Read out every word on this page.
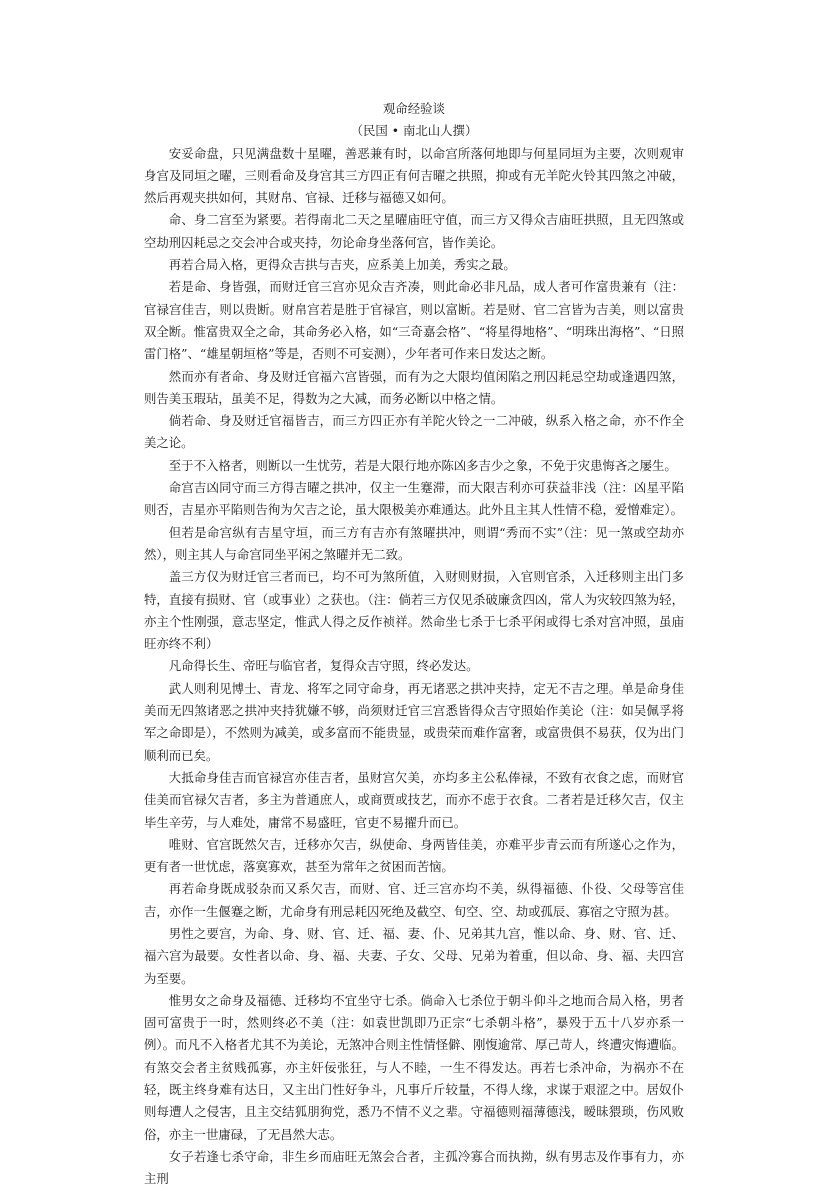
观命经验谈

（民国 • 南北山人撰）

安妥命盘，只见满盘数十星曜，善恶兼有时，以命宫所落何地即与何星同垣为主要，次则观审身宫及同垣之曜，三则看命及身宫其三方四正有何吉曜之拱照，抑或有无羊陀火铃其四煞之冲破，然后再观夹拱如何，其财帛、官禄、迁移与福德又如何。

命、身二宫至为紧要。若得南北二天之星曜庙旺守值，而三方又得众吉庙旺拱照，且无四煞或空劫刑囚耗忌之交会冲合或夹持，勿论命身坐落何宫，皆作美论。

再若合局入格，更得众吉拱与吉夹，应系美上加美，秀实之最。

若是命、身皆强，而财迁官三宫亦见众吉齐凑，则此命必非凡品，成人者可作富贵兼有（注：官禄宫佳吉，则以贵断。财帛宫若是胜于官禄宫，则以富断。若是财、官二宫皆为吉美，则以富贵双全断。惟富贵双全之命，其命务必入格，如“三奇嘉会格”、“将星得地格”、“明珠出海格”、“日照雷门格”、“雄星朝垣格”等是，否则不可妄测），少年者可作来日发达之断。

然而亦有者命、身及财迁官福六宫皆强，而有为之大限均值闲陷之刑囚耗忌空劫或逢遇四煞，则告美玉瑕玷，虽美不足，得数为之大减，而务必断以中格之情。

倘若命、身及财迁官福皆吉，而三方四正亦有羊陀火铃之一二冲破，纵系入格之命，亦不作全美之论。

至于不入格者，则断以一生忧劳，若是大限行地亦陈凶多吉少之象，不免于灾患悔吝之屡生。

命宫吉凶同守而三方得吉曜之拱冲，仅主一生蹇滞，而大限吉利亦可获益非浅（注：凶星平陷则否，吉星亦平陷则告徇为欠吉之论，虽大限极美亦难通达。此外且主其人性情不稳，爱憎难定）。

但若是命宫纵有吉星守垣，而三方有吉亦有煞曜拱冲，则谓“秀而不实”（注：见一煞或空劫亦然），则主其人与命宫同坐平闲之煞曜并无二致。

盖三方仅为财迁官三者而已，均不可为煞所值，入财则财损，入官则官杀，入迁移则主出门多特，直接有损财、官（或事业）之获也。（注：倘若三方仅见杀破廉贪四凶，常人为灾较四煞为轻，亦主个性刚强，意志坚定，惟武人得之反作祯祥。然命坐七杀于七杀平闲或得七杀对宫冲照，虽庙旺亦终不利）

凡命得长生、帝旺与临官者，复得众吉守照，终必发达。

武人则利见博士、青龙、将军之同守命身，再无诸恶之拱冲夹持，定无不吉之理。单是命身佳美而无四煞诸恶之拱冲夹持犹嫌不够，尚须财迁官三宫悉皆得众吉守照始作美论（注：如吴佩孚将军之命即是），不然则为减美，或多富而不能贵显，或贵荣而难作富奢，或富贵俱不易获，仅为出门顺利而已矣。

大抵命身佳吉而官禄宫亦佳吉者，虽财宫欠美，亦均多主公私俸禄，不致有衣食之虑，而财官佳美而官禄欠吉者，多主为普通庶人，或商贾或技艺，而亦不虑于衣食。二者若是迁移欠吉，仅主毕生辛劳，与人难处，庸常不易盛旺，官吏不易擢升而已。

唯财、官宫既然欠吉，迁移亦欠吉，纵使命、身两皆佳美，亦难平步青云而有所遂心之作为，更有者一世忧虑，落寞寡欢，甚至为常年之贫困而苦恼。

再若命身既成驳杂而又系欠吉，而财、官、迁三宫亦均不美，纵得福德、仆役、父母等宫佳吉，亦作一生偃蹇之断，尤命身有刑忌耗囚死绝及截空、旬空、空、劫或孤辰、寡宿之守照为甚。

男性之要宫，为命、身、财、官、迁、福、妻、仆、兄弟其九宫，惟以命、身、财、官、迁、福六宫为最要。女性者以命、身、福、夫妻、子女、父母、兄弟为着重，但以命、身、福、夫四宫为至要。

惟男女之命身及福德、迁移均不宜坐守七杀。倘命入七杀位于朝斗仰斗之地而合局入格，男者固可富贵于一时，然则终必不美（注：如袁世凯即乃正宗“七杀朝斗格”，暴殁于五十八岁亦系一例）。而凡不入格者尤其不为美论，无煞冲合则主性情怪僻、刚愎逾常、厚己苛人，终遭灾悔遭临。有煞交会者主贫贱孤寡，亦主奸佞张狂，与人不睦，一生不得发达。再若七杀冲命，为祸亦不在轻，既主终身难有达日，又主出门性好争斗，凡事斤斤较量，不得人缘，求谋于艰涩之中。居奴仆则每遭人之侵害，且主交结狐朋狗党，悉乃不情不义之辈。守福德则福薄德浅，暧昧猥琐，伤风败俗，亦主一世庸碌，了无昌然大志。

女子若逢七杀守命，非生乡而庙旺无煞会合者，主孤冷寡合而执拗，纵有男志及作事有力，亦主刑
